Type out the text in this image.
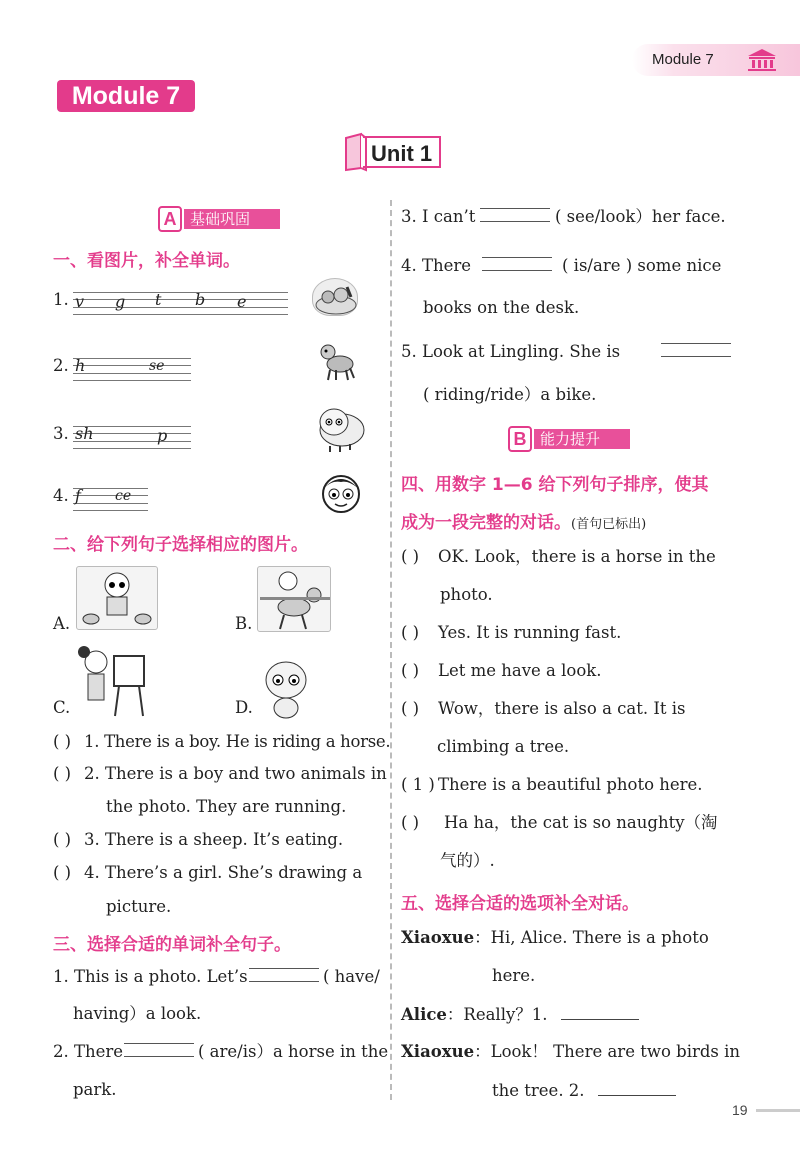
Module 7
Module 7
Unit 1
A 基础巩固
一、看图片，补全单词。
1. v g t b e
2. h	se
3. sh	p
4. f ce
二、给下列句子选择相应的图片。
A.	B.
C.	D.
( ) 1. There is a boy. He is riding a horse.
( ) 2. There is a boy and two animals in
the photo. They are running.
( ) 3. There is a sheep. It’s eating.
( ) 4. There’s a girl. She’s drawing a
picture.
三、选择合适的单词补全句子。
1. This is a photo. Let’s	( have/
having）a look.
2. There	( are/is）a horse in the
park.
3. I can’t	( see/look）her face.
4. There	( is/are ) some nice
books on the desk.
5. Look at Lingling. She is
( riding/ride）a bike.
B 能力提升
四、用数字 1—6 给下列句子排序，使其
成为一段完整的对话。(首句已标出)
( ) OK. Look，there is a horse in the
photo.
( ) Yes. It is running fast.
( ) Let me have a look.
( ) Wow，there is also a cat. It is
climbing a tree.
( 1 ) There is a beautiful photo here.
( ) Ha ha，the cat is so naughty（淘
气的）.
五、选择合适的选项补全对话。
Xiaoxue：Hi, Alice. There is a photo
here.
Alice：Really？1.
Xiaoxue：Look！ There are two birds in
the tree. 2.
19
